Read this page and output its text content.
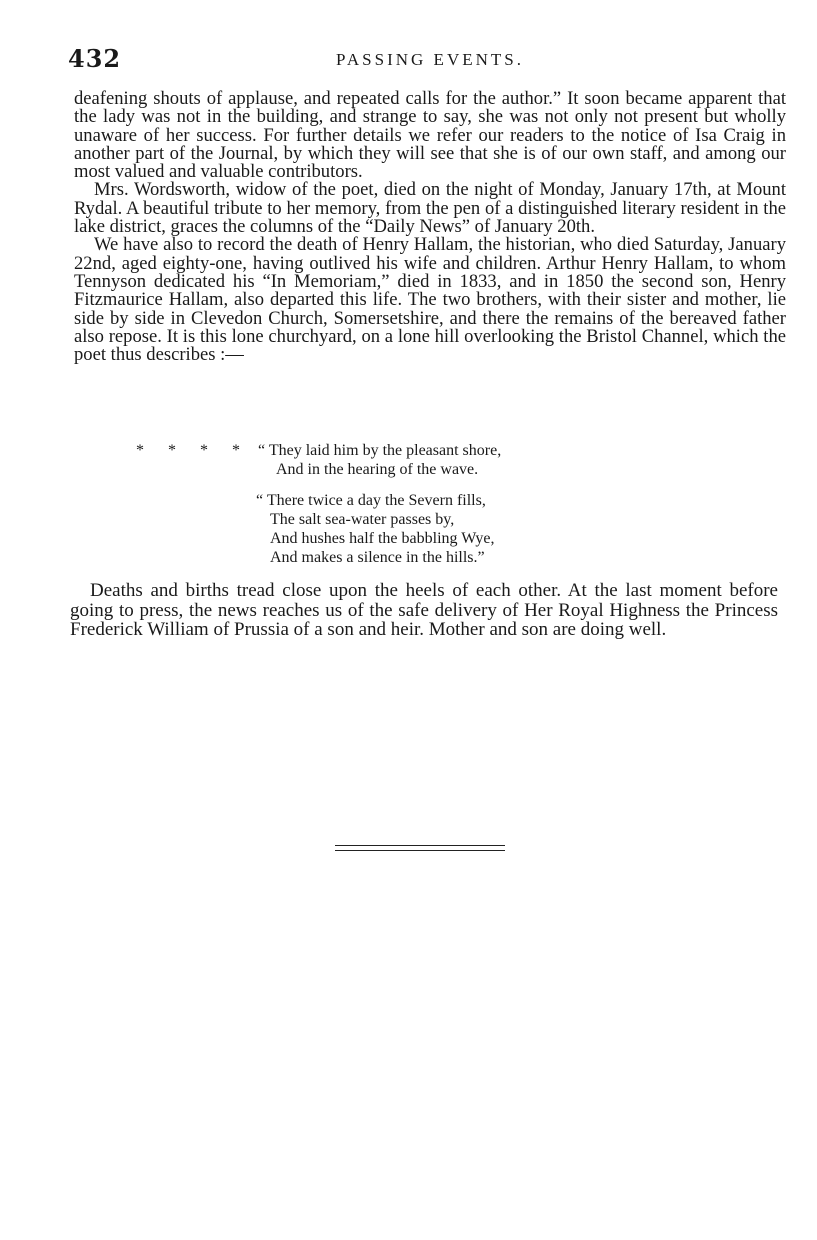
432	PASSING EVENTS.

deafening shouts of applause, and repeated calls for the author.” It soon became apparent that the lady was not in the building, and strange to say, she was not only not present but wholly unaware of her success. For further details we refer our readers to the notice of Isa Craig in another part of the Journal, by which they will see that she is of our own staff, and among our most valued and valuable contributors.

Mrs. Wordsworth, widow of the poet, died on the night of Monday, January 17th, at Mount Rydal. A beautiful tribute to her memory, from the pen of a distinguished literary resident in the lake district, graces the columns of the “Daily News” of January 20th.

We have also to record the death of Henry Hallam, the historian, who died Saturday, January 22nd, aged eighty-one, having outlived his wife and children. Arthur Henry Hallam, to whom Tennyson dedicated his “In Memoriam,” died in 1833, and in 1850 the second son, Henry Fitzmaurice Hallam, also departed this life. The two brothers, with their sister and mother, lie side by side in Clevedon Church, Somersetshire, and there the remains of the bereaved father also repose. It is this lone churchyard, on a lone hill overlooking the Bristol Channel, which the poet thus describes :—

* * * * “ They laid him by the pleasant shore,
And in the hearing of the wave.
“ There twice a day the Severn fills,
The salt sea-water passes by,
And hushes half the babbling Wye,
And makes a silence in the hills.”

Deaths and births tread close upon the heels of each other. At the last moment before going to press, the news reaches us of the safe delivery of Her Royal Highness the Princess Frederick William of Prussia of a son and heir. Mother and son are doing well.
